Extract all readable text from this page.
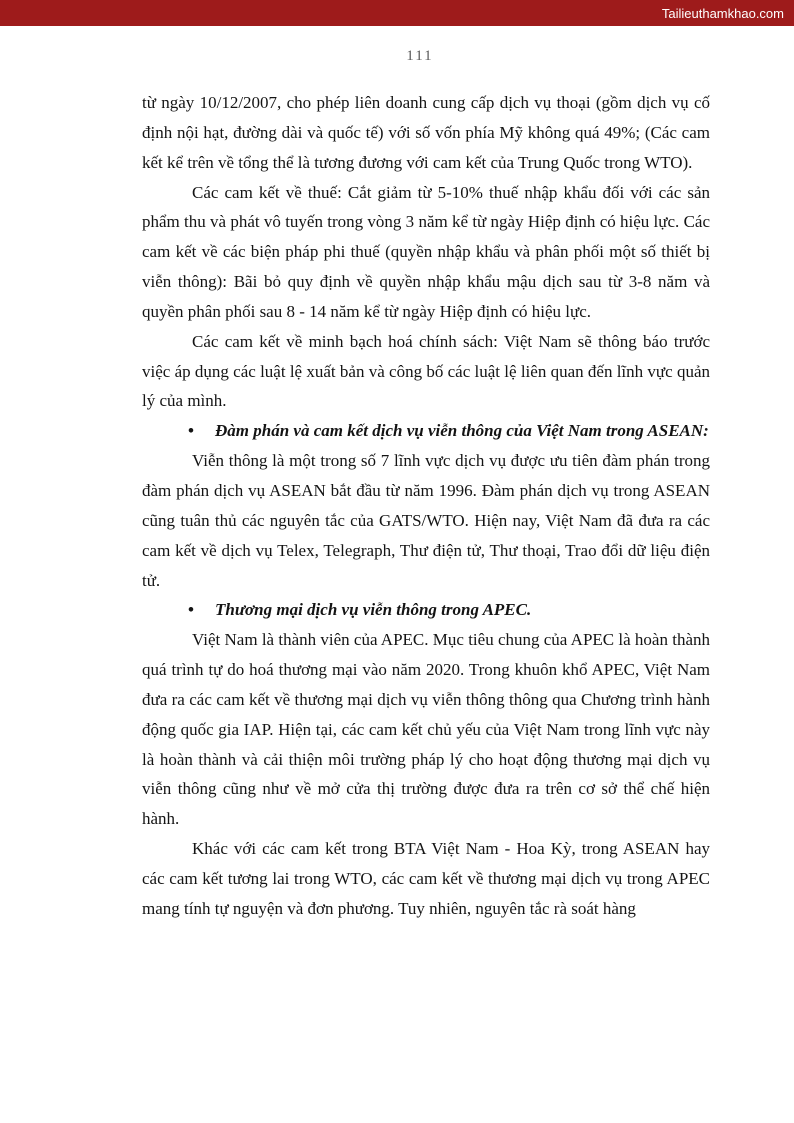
Tailieuthamkhao.com
111

từ ngày 10/12/2007, cho phép liên doanh cung cấp dịch vụ thoại (gồm dịch vụ cố định nội hạt, đường dài và quốc tế) với số vốn phía Mỹ không quá 49%; (Các cam kết kể trên về tổng thể là tương đương với cam kết của Trung Quốc trong WTO).

Các cam kết về thuế: Cắt giảm từ 5-10% thuế nhập khẩu đối với các sản phẩm thu và phát vô tuyến trong vòng 3 năm kể từ ngày Hiệp định có hiệu lực. Các cam kết về các biện pháp phi thuế (quyền nhập khẩu và phân phối một số thiết bị viễn thông): Bãi bỏ quy định về quyền nhập khẩu mậu dịch sau từ 3-8 năm và quyền phân phối sau 8 - 14 năm kể từ ngày Hiệp định có hiệu lực.

Các cam kết về minh bạch hoá chính sách: Việt Nam sẽ thông báo trước việc áp dụng các luật lệ xuất bản và công bố các luật lệ liên quan đến lĩnh vực quản lý của mình.

•	Đàm phán và cam kết dịch vụ viễn thông của Việt Nam trong ASEAN:

Viễn thông là một trong số 7 lĩnh vực dịch vụ được ưu tiên đàm phán trong đàm phán dịch vụ ASEAN bắt đầu từ năm 1996. Đàm phán dịch vụ trong ASEAN cũng tuân thủ các nguyên tắc của GATS/WTO. Hiện nay, Việt Nam đã đưa ra các cam kết về dịch vụ Telex, Telegraph, Thư điện tử, Thư thoại, Trao đổi dữ liệu điện tử.

•	Thương mại dịch vụ viễn thông trong APEC.

Việt Nam là thành viên của APEC. Mục tiêu chung của APEC là hoàn thành quá trình tự do hoá thương mại vào năm 2020. Trong khuôn khổ APEC, Việt Nam đưa ra các cam kết về thương mại dịch vụ viễn thông thông qua Chương trình hành động quốc gia IAP. Hiện tại, các cam kết chủ yếu của Việt Nam trong lĩnh vực này là hoàn thành và cải thiện môi trường pháp lý cho hoạt động thương mại dịch vụ viễn thông cũng như về mở cửa thị trường được đưa ra trên cơ sở thể chế hiện hành.

Khác với các cam kết trong BTA Việt Nam - Hoa Kỳ, trong ASEAN hay các cam kết tương lai trong WTO, các cam kết về thương mại dịch vụ trong APEC mang tính tự nguyện và đơn phương. Tuy nhiên, nguyên tắc rà soát hàng
